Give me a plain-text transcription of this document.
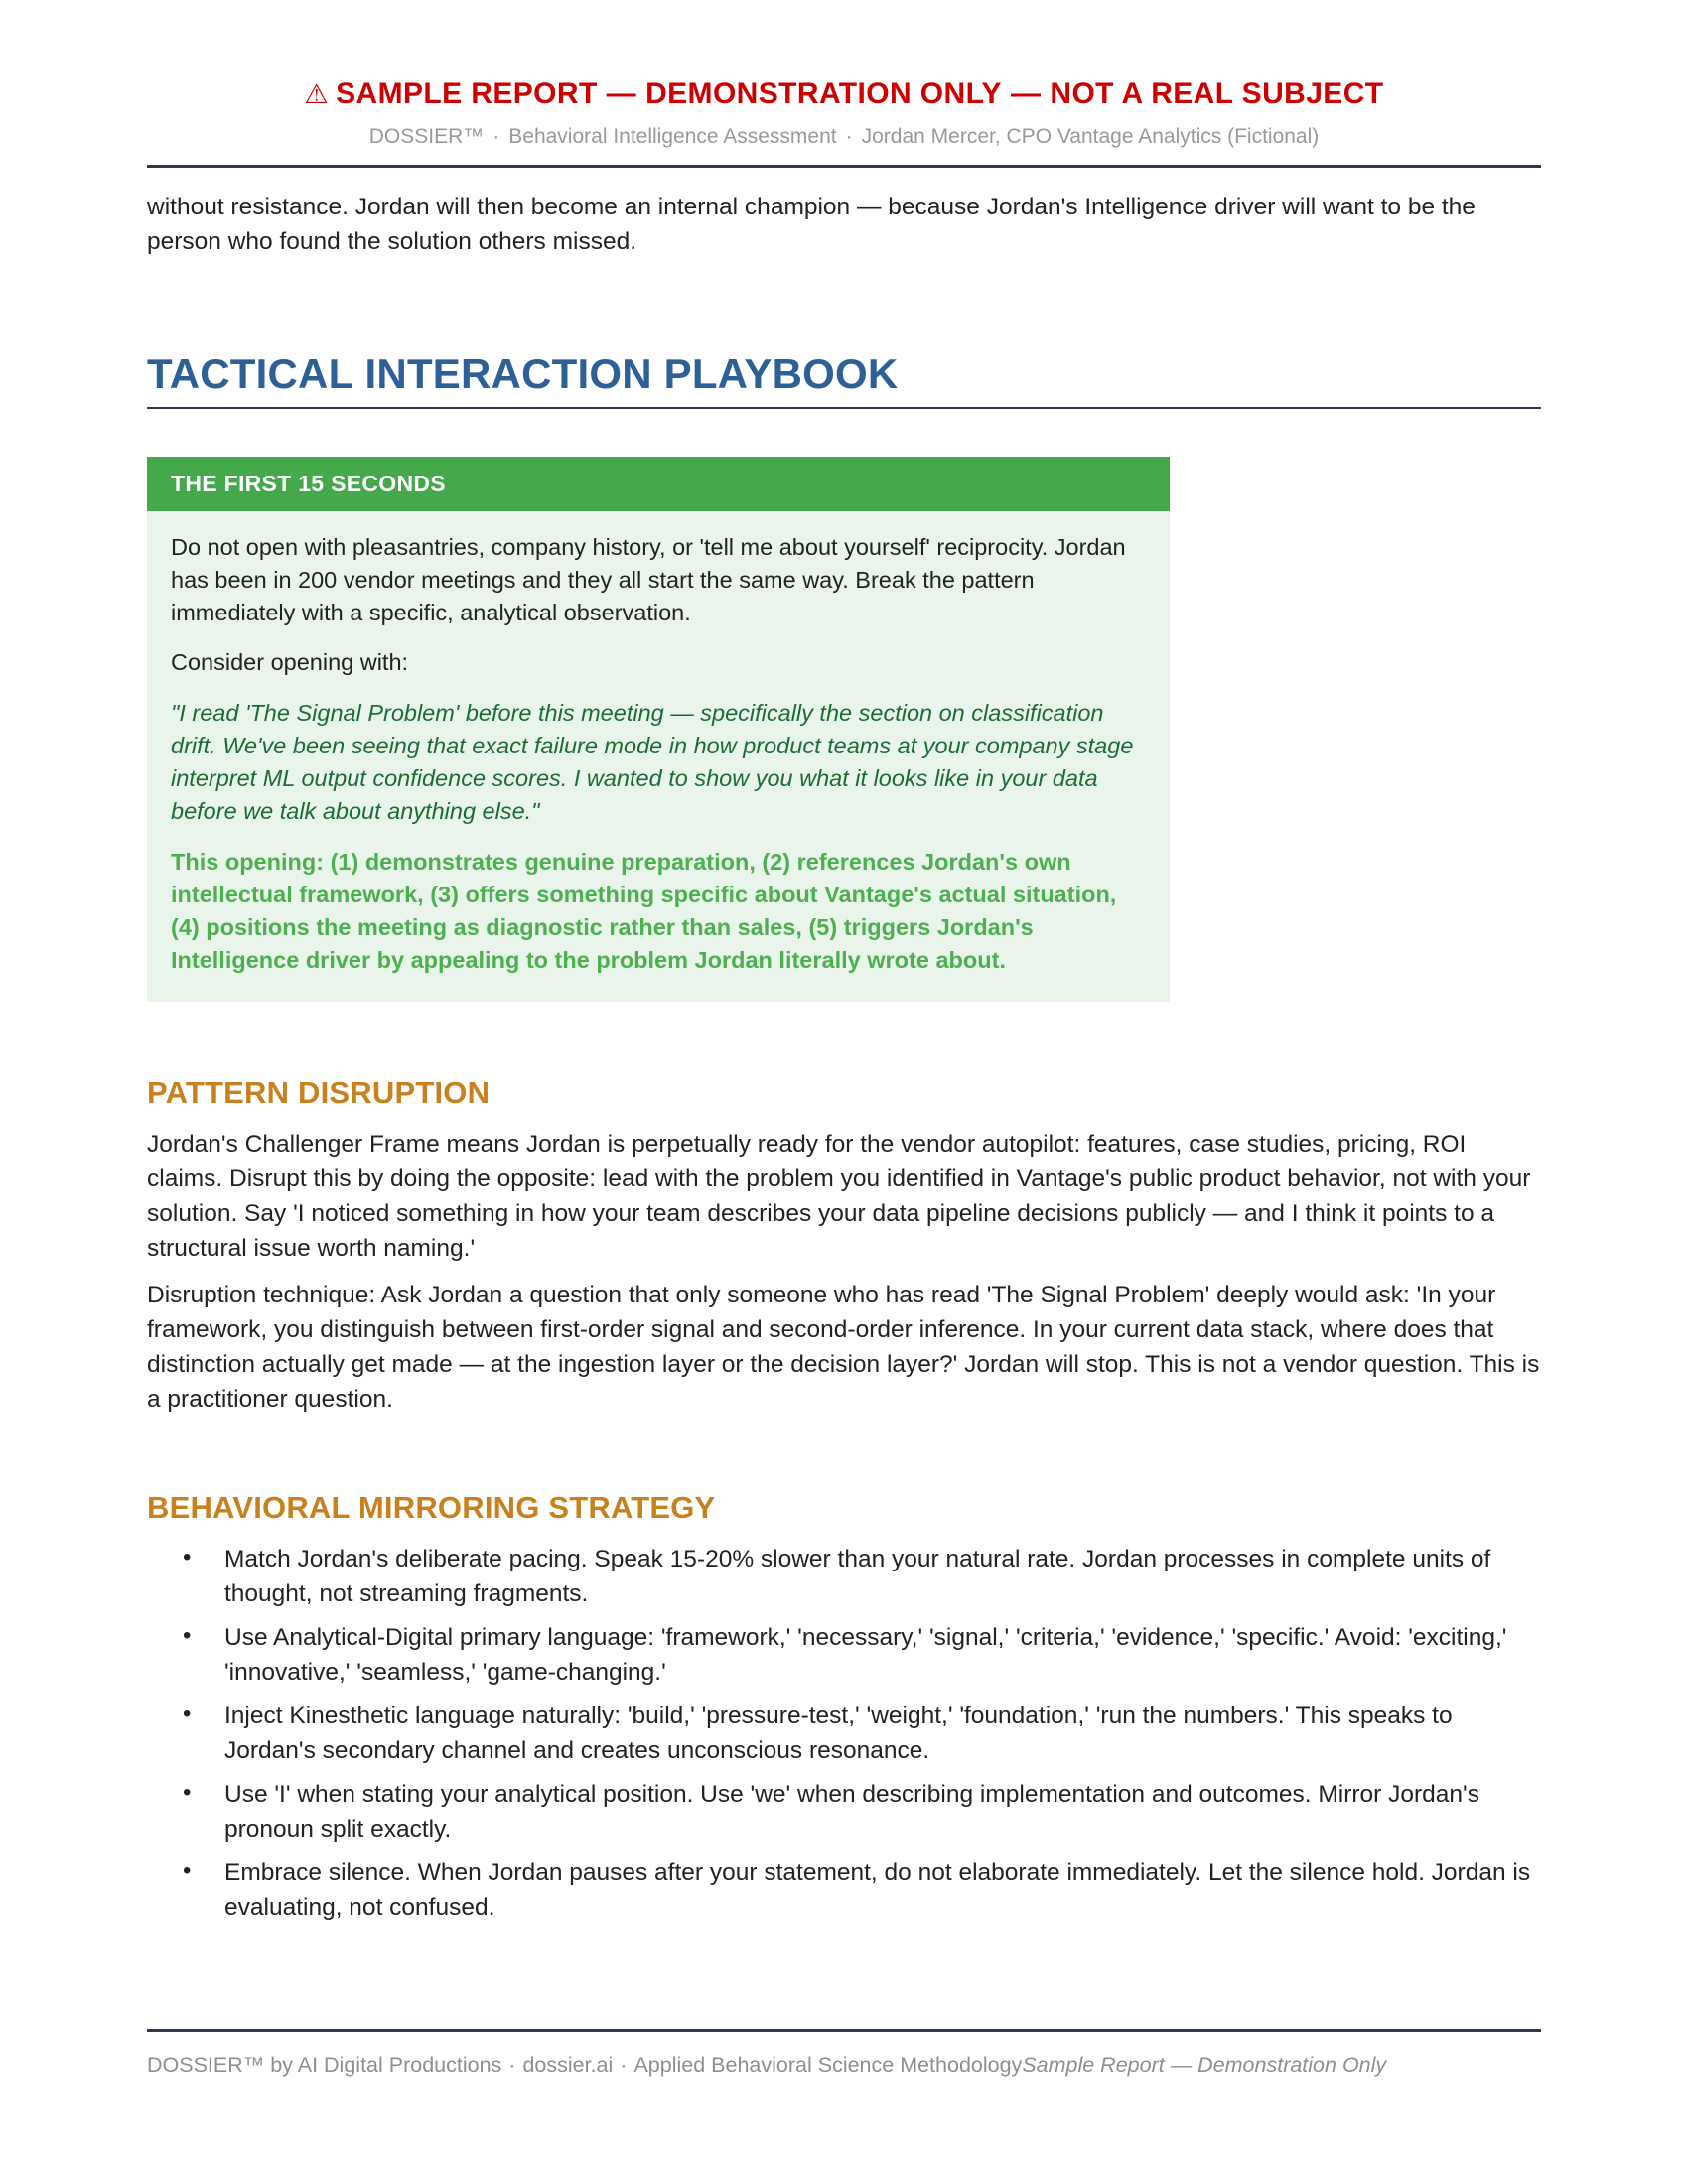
⚠ SAMPLE REPORT — DEMONSTRATION ONLY — NOT A REAL SUBJECT
DOSSIER™ · Behavioral Intelligence Assessment · Jordan Mercer, CPO Vantage Analytics (Fictional)

without resistance. Jordan will then become an internal champion — because Jordan's Intelligence driver will want to be the person who found the solution others missed.

TACTICAL INTERACTION PLAYBOOK
THE FIRST 15 SECONDS

Do not open with pleasantries, company history, or 'tell me about yourself' reciprocity. Jordan has been in 200 vendor meetings and they all start the same way. Break the pattern immediately with a specific, analytical observation.

Consider opening with:

"I read 'The Signal Problem' before this meeting — specifically the section on classification drift. We've been seeing that exact failure mode in how product teams at your company stage interpret ML output confidence scores. I wanted to show you what it looks like in your data before we talk about anything else."

This opening: (1) demonstrates genuine preparation, (2) references Jordan's own intellectual framework, (3) offers something specific about Vantage's actual situation, (4) positions the meeting as diagnostic rather than sales, (5) triggers Jordan's Intelligence driver by appealing to the problem Jordan literally wrote about.

PATTERN DISRUPTION

Jordan's Challenger Frame means Jordan is perpetually ready for the vendor autopilot: features, case studies, pricing, ROI claims. Disrupt this by doing the opposite: lead with the problem you identified in Vantage's public product behavior, not with your solution. Say 'I noticed something in how your team describes your data pipeline decisions publicly — and I think it points to a structural issue worth naming.'

Disruption technique: Ask Jordan a question that only someone who has read 'The Signal Problem' deeply would ask: 'In your framework, you distinguish between first-order signal and second-order inference. In your current data stack, where does that distinction actually get made — at the ingestion layer or the decision layer?' Jordan will stop. This is not a vendor question. This is a practitioner question.

BEHAVIORAL MIRRORING STRATEGY
• Match Jordan's deliberate pacing. Speak 15-20% slower than your natural rate. Jordan processes in complete units of thought, not streaming fragments.
• Use Analytical-Digital primary language: 'framework,' 'necessary,' 'signal,' 'criteria,' 'evidence,' 'specific.' Avoid: 'exciting,' 'innovative,' 'seamless,' 'game-changing.'
• Inject Kinesthetic language naturally: 'build,' 'pressure-test,' 'weight,' 'foundation,' 'run the numbers.' This speaks to Jordan's secondary channel and creates unconscious resonance.
• Use 'I' when stating your analytical position. Use 'we' when describing implementation and outcomes. Mirror Jordan's pronoun split exactly.
• Embrace silence. When Jordan pauses after your statement, do not elaborate immediately. Let the silence hold. Jordan is evaluating, not confused.
DOSSIER™ by AI Digital Productions · dossier.ai · Applied Behavioral Science MethodologySample Report — Demonstration Only
